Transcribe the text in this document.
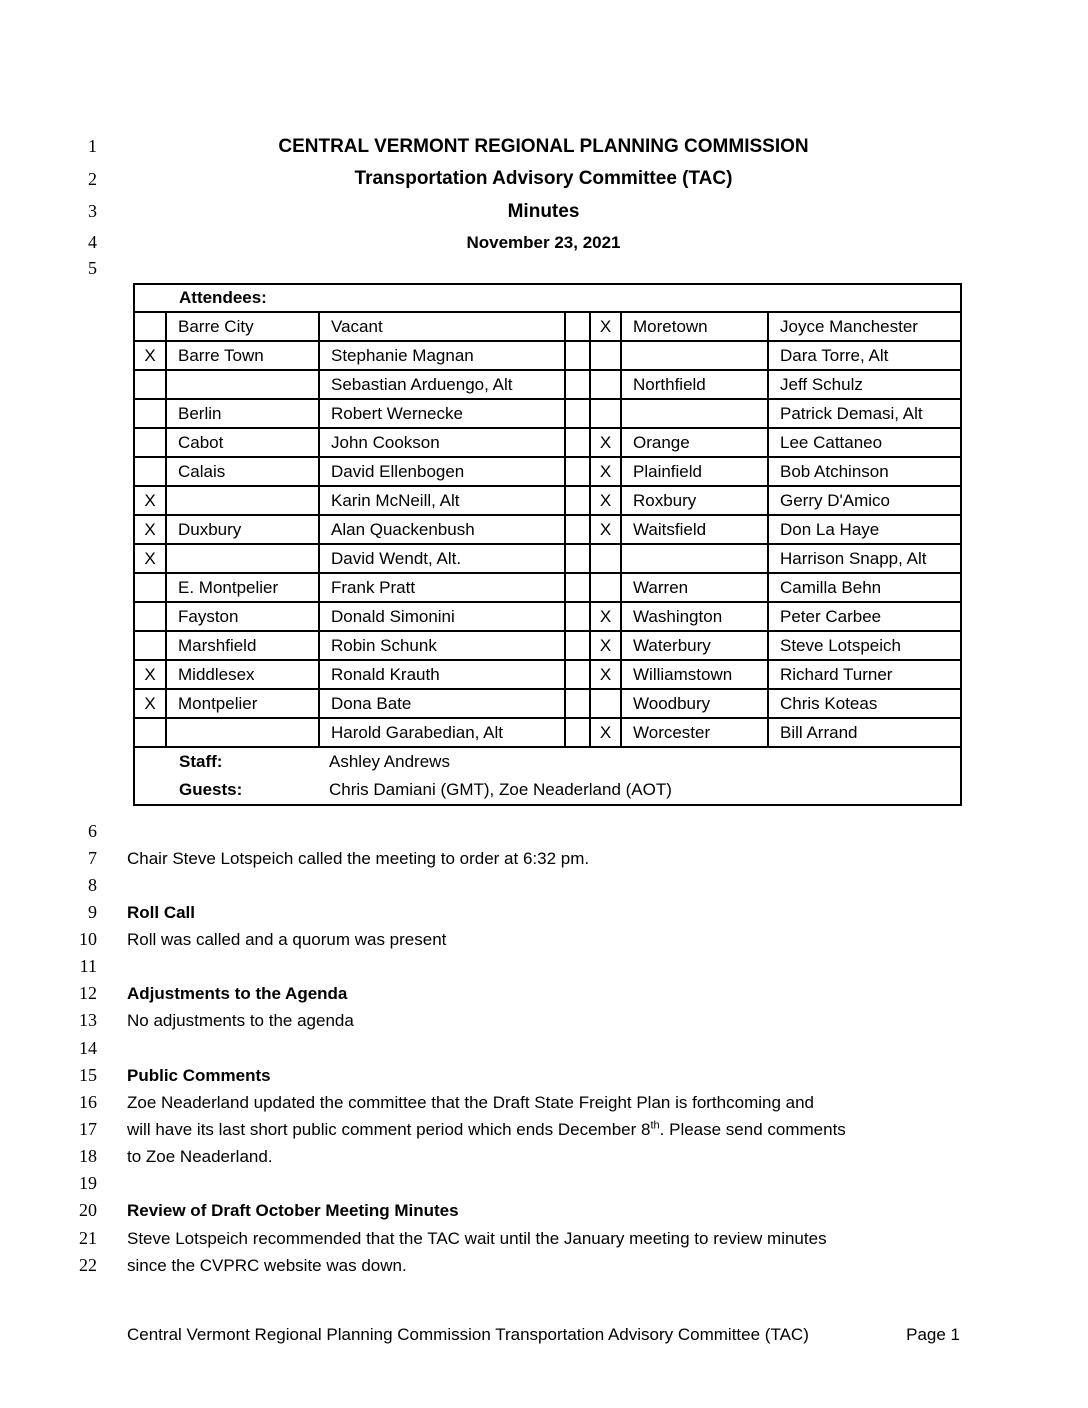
1
2
3
4
5
6
7
8
9
10
11
12
13
14
15
16
17
18
19
20
21
22
CENTRAL VERMONT REGIONAL PLANNING COMMISSION
Transportation Advisory Committee (TAC)
Minutes
November 23, 2021
Attendees:						
	Barre City	Vacant		X	Moretown	Joyce Manchester
X	Barre Town	Stephanie Magnan				Dara Torre, Alt
		Sebastian Arduengo, Alt			Northfield	Jeff Schulz
	Berlin	Robert Wernecke				Patrick Demasi, Alt
	Cabot	John Cookson		X	Orange	Lee Cattaneo
	Calais	David Ellenbogen		X	Plainfield	Bob Atchinson
X		Karin McNeill, Alt		X	Roxbury	Gerry D'Amico
X	Duxbury	Alan Quackenbush		X	Waitsfield	Don La Haye
X		David Wendt, Alt.				Harrison Snapp, Alt
	E. Montpelier	Frank Pratt			Warren	Camilla Behn
	Fayston	Donald Simonini		X	Washington	Peter Carbee
	Marshfield	Robin Schunk		X	Waterbury	Steve Lotspeich
X	Middlesex	Ronald Krauth		X	Williamstown	Richard Turner
X	Montpelier	Dona Bate			Woodbury	Chris Koteas
		Harold Garabedian, Alt		X	Worcester	Bill Arrand

Staff: Ashley Andrews
Guests: Chris Damiani (GMT), Zoe Neaderland (AOT)						
Chair Steve Lotspeich called the meeting to order at 6:32 pm.
Roll Call
Roll was called and a quorum was present
Adjustments to the Agenda
No adjustments to the agenda
Public Comments
Zoe Neaderland updated the committee that the Draft State Freight Plan is forthcoming and
will have its last short public comment period which ends December 8th. Please send comments
to Zoe Neaderland.
Review of Draft October Meeting Minutes
Steve Lotspeich recommended that the TAC wait until the January meeting to review minutes
since the CVPRC website was down.
Central Vermont Regional Planning Commission Transportation Advisory Committee (TAC)	Page 1
